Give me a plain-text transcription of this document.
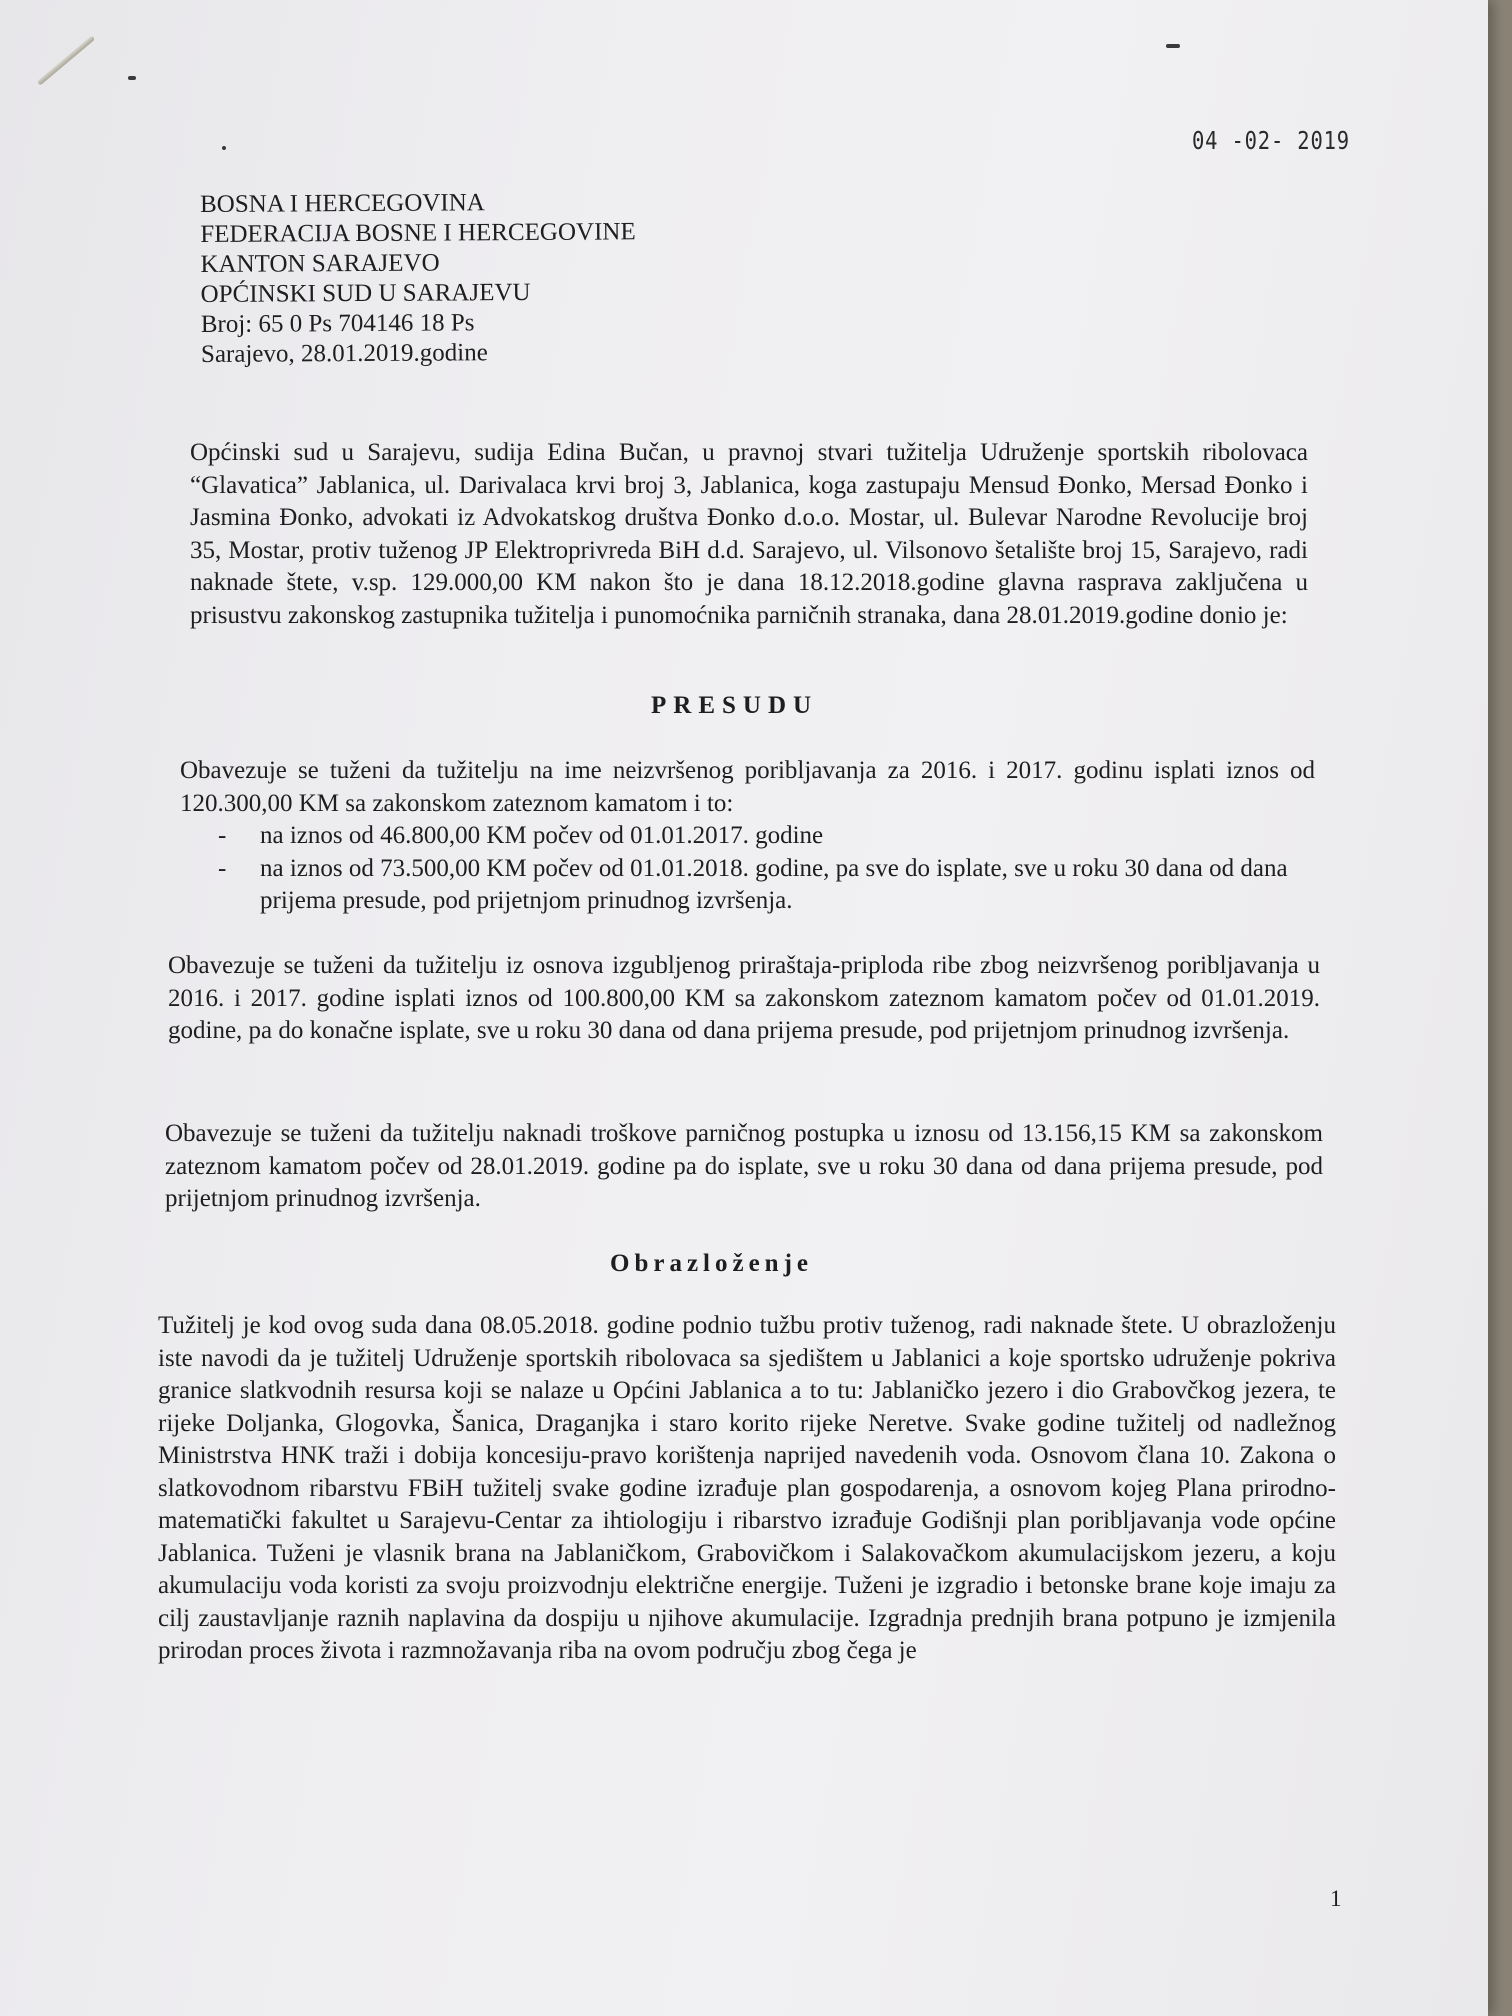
04 -02- 2019
BOSNA I HERCEGOVINA
FEDERACIJA BOSNE I HERCEGOVINE
KANTON SARAJEVO
OPĆINSKI SUD U SARAJEVU
Broj: 65 0 Ps 704146 18 Ps
Sarajevo, 28.01.2019.godine
Općinski sud u Sarajevu, sudija Edina Bučan, u pravnoj stvari tužitelja Udruženje sportskih ribolovaca “Glavatica” Jablanica, ul. Darivalaca krvi broj 3, Jablanica, koga zastupaju Mensud Đonko, Mersad Đonko i Jasmina Đonko, advokati iz Advokatskog društva Đonko d.o.o. Mostar, ul. Bulevar Narodne Revolucije broj 35, Mostar, protiv tuženog JP Elektroprivreda BiH d.d. Sarajevo, ul. Vilsonovo šetalište broj 15, Sarajevo, radi naknade štete, v.sp. 129.000,00 KM nakon što je dana 18.12.2018.godine glavna rasprava zaključena u prisustvu zakonskog zastupnika tužitelja i punomoćnika parničnih stranaka, dana 28.01.2019.godine donio je:
PRESUDU
Obavezuje se tuženi da tužitelju na ime neizvršenog poribljavanja za 2016. i 2017. godinu isplati iznos od 120.300,00 KM sa zakonskom zateznom kamatom i to:
- na iznos od 46.800,00 KM počev od 01.01.2017. godine
- na iznos od 73.500,00 KM počev od 01.01.2018. godine, pa sve do isplate, sve u roku 30 dana od dana prijema presude, pod prijetnjom prinudnog izvršenja.
Obavezuje se tuženi da tužitelju iz osnova izgubljenog priraštaja-priploda ribe zbog neizvršenog poribljavanja u 2016. i 2017. godine isplati iznos od 100.800,00 KM sa zakonskom zateznom kamatom počev od 01.01.2019. godine, pa do konačne isplate, sve u roku 30 dana od dana prijema presude, pod prijetnjom prinudnog izvršenja.
Obavezuje se tuženi da tužitelju naknadi troškove parničnog postupka u iznosu od 13.156,15 KM sa zakonskom zateznom kamatom počev od 28.01.2019. godine pa do isplate, sve u roku 30 dana od dana prijema presude, pod prijetnjom prinudnog izvršenja.
Obrazloženje
Tužitelj je kod ovog suda dana 08.05.2018. godine podnio tužbu protiv tuženog, radi naknade štete. U obrazloženju iste navodi da je tužitelj Udruženje sportskih ribolovaca sa sjedištem u Jablanici a koje sportsko udruženje pokriva granice slatkvodnih resursa koji se nalaze u Općini Jablanica a to tu: Jablaničko jezero i dio Grabovčkog jezera, te rijeke Doljanka, Glogovka, Šanica, Draganjka i staro korito rijeke Neretve. Svake godine tužitelj od nadležnog Ministrstva HNK traži i dobija koncesiju-pravo korištenja naprijed navedenih voda. Osnovom člana 10. Zakona o slatkovodnom ribarstvu FBiH tužitelj svake godine izrađuje plan gospodarenja, a osnovom kojeg Plana prirodno-matematički fakultet u Sarajevu-Centar za ihtiologiju i ribarstvo izrađuje Godišnji plan poribljavanja vode općine Jablanica. Tuženi je vlasnik brana na Jablaničkom, Grabovičkom i Salakovačkom akumulacijskom jezeru, a koju akumulaciju voda koristi za svoju proizvodnju električne energije. Tuženi je izgradio i betonske brane koje imaju za cilj zaustavljanje raznih naplavina da dospiju u njihove akumulacije. Izgradnja prednjih brana potpuno je izmjenila prirodan proces života i razmnožavanja riba na ovom području zbog čega je
1
